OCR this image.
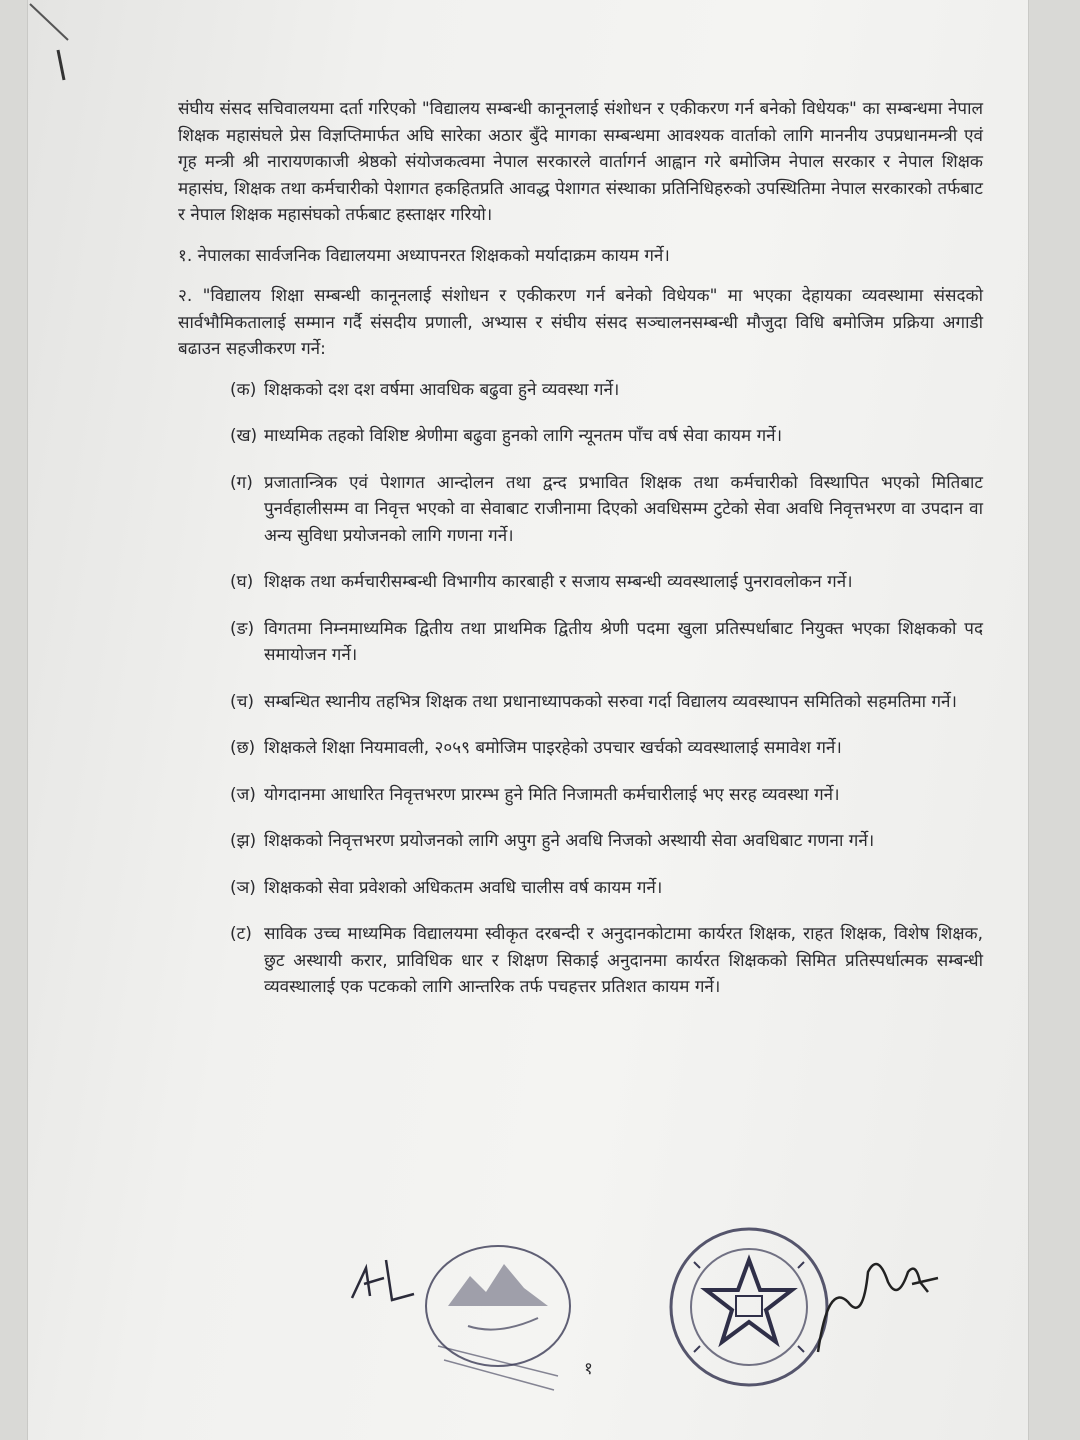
संघीय संसद सचिवालयमा दर्ता गरिएको "विद्यालय सम्बन्धी कानूनलाई संशोधन र एकीकरण गर्न बनेको विधेयक" का सम्बन्धमा नेपाल शिक्षक महासंघले प्रेस विज्ञप्तिमार्फत अघि सारेका अठार बुँदे मागका सम्बन्धमा आवश्यक वार्ताको लागि माननीय उपप्रधानमन्त्री एवं गृह मन्त्री श्री नारायणकाजी श्रेष्ठको संयोजकत्वमा नेपाल सरकारले वार्तागर्न आह्वान गरे बमोजिम नेपाल सरकार र नेपाल शिक्षक महासंघ, शिक्षक तथा कर्मचारीको पेशागत हकहितप्रति आवद्ध पेशागत संस्थाका प्रतिनिधिहरुको उपस्थितिमा नेपाल सरकारको तर्फबाट र नेपाल शिक्षक महासंघको तर्फबाट हस्ताक्षर गरियो।

१. नेपालका सार्वजनिक विद्यालयमा अध्यापनरत शिक्षकको मर्यादाक्रम कायम गर्ने।

२. "विद्यालय शिक्षा सम्बन्धी कानूनलाई संशोधन र एकीकरण गर्न बनेको विधेयक" मा भएका देहायका व्यवस्थामा संसदको सार्वभौमिकतालाई सम्मान गर्दै संसदीय प्रणाली, अभ्यास र संघीय संसद सञ्चालनसम्बन्धी मौजुदा विधि बमोजिम प्रक्रिया अगाडी बढाउन सहजीकरण गर्ने:

(क) शिक्षकको दश दश वर्षमा आवधिक बढुवा हुने व्यवस्था गर्ने।
(ख) माध्यमिक तहको विशिष्ट श्रेणीमा बढुवा हुनको लागि न्यूनतम पाँच वर्ष सेवा कायम गर्ने।
(ग) प्रजातान्त्रिक एवं पेशागत आन्दोलन तथा द्वन्द प्रभावित शिक्षक तथा कर्मचारीको विस्थापित भएको मितिबाट पुनर्वहालीसम्म वा निवृत्त भएको वा सेवाबाट राजीनामा दिएको अवधिसम्म टुटेको सेवा अवधि निवृत्तभरण वा उपदान वा अन्य सुविधा प्रयोजनको लागि गणना गर्ने।
(घ) शिक्षक तथा कर्मचारीसम्बन्धी विभागीय कारबाही र सजाय सम्बन्धी व्यवस्थालाई पुनरावलोकन गर्ने।
(ङ) विगतमा निम्नमाध्यमिक द्वितीय तथा प्राथमिक द्वितीय श्रेणी पदमा खुला प्रतिस्पर्धाबाट नियुक्त भएका शिक्षकको पद समायोजन गर्ने।
(च) सम्बन्धित स्थानीय तहभित्र शिक्षक तथा प्रधानाध्यापकको सरुवा गर्दा विद्यालय व्यवस्थापन समितिको सहमतिमा गर्ने।
(छ) शिक्षकले शिक्षा नियमावली, २०५९ बमोजिम पाइरहेको उपचार खर्चको व्यवस्थालाई समावेश गर्ने।
(ज) योगदानमा आधारित निवृत्तभरण प्रारम्भ हुने मिति निजामती कर्मचारीलाई भए सरह व्यवस्था गर्ने।
(झ) शिक्षकको निवृत्तभरण प्रयोजनको लागि अपुग हुने अवधि निजको अस्थायी सेवा अवधिबाट गणना गर्ने।
(ञ) शिक्षकको सेवा प्रवेशको अधिकतम अवधि चालीस वर्ष कायम गर्ने।
(ट) साविक उच्च माध्यमिक विद्यालयमा स्वीकृत दरबन्दी र अनुदानकोटामा कार्यरत शिक्षक, राहत शिक्षक, विशेष शिक्षक, छुट अस्थायी करार, प्राविधिक धार र शिक्षण सिकाई अनुदानमा कार्यरत शिक्षकको सिमित प्रतिस्पर्धात्मक सम्बन्धी व्यवस्थालाई एक पटकको लागि आन्तरिक तर्फ पचहत्तर प्रतिशत कायम गर्ने।
१
